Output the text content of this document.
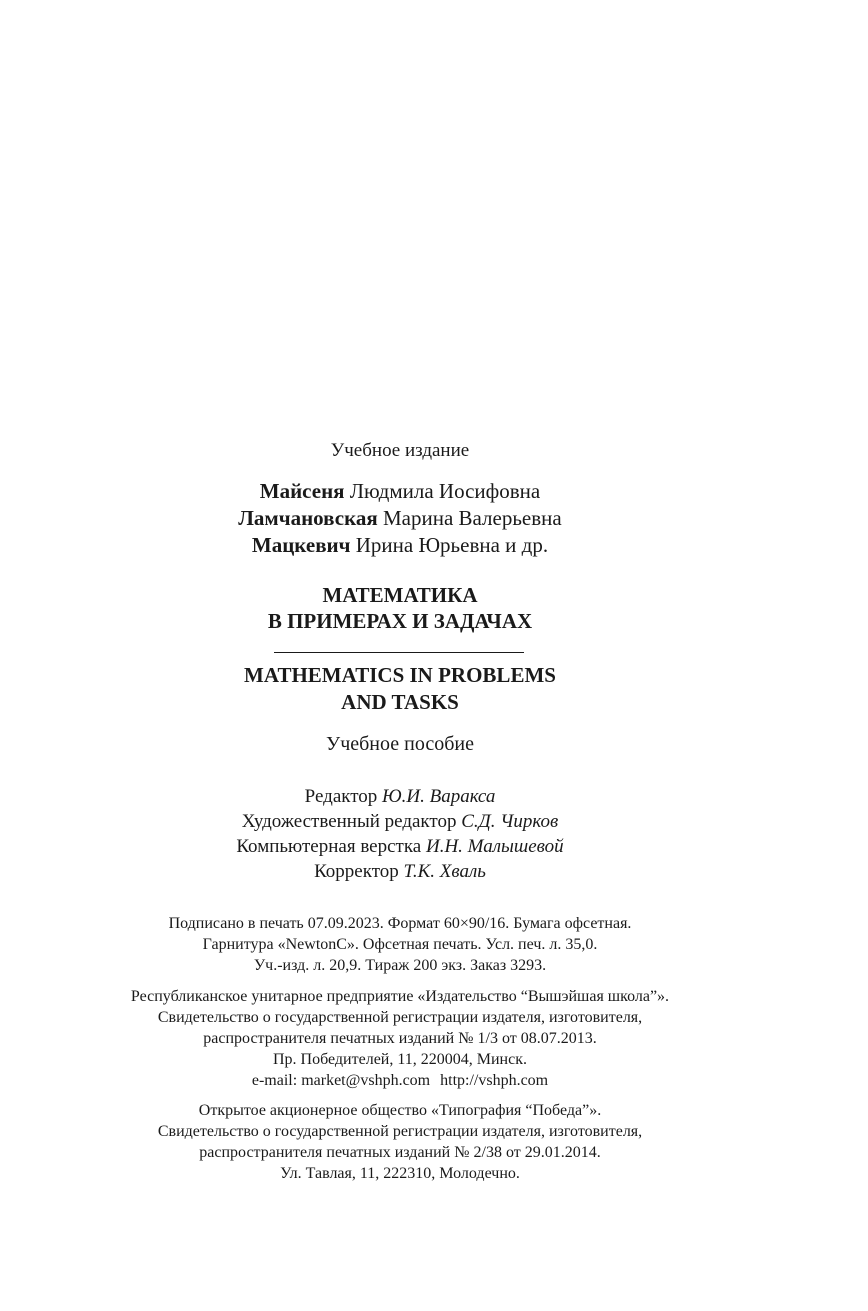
Учебное издание
Майсеня Людмила Иосифовна
Ламчановская Марина Валерьевна
Мацкевич Ирина Юрьевна и др.
МАТЕМАТИКА
В ПРИМЕРАХ И ЗАДАЧАХ
MATHEMATICS IN PROBLEMS
AND TASKS
Учебное пособие
Редактор Ю.И. Варакса
Художественный редактор С.Д. Чирков
Компьютерная верстка И.Н. Малышевой
Корректор Т.К. Хваль
Подписано в печать 07.09.2023. Формат 60×90/16. Бумага офсетная.
Гарнитура «NewtonC». Офсетная печать. Усл. печ. л. 35,0.
Уч.-изд. л. 20,9. Тираж 200 экз. Заказ 3293.
Республиканское унитарное предприятие «Издательство “Вышэйшая школа”».
Свидетельство о государственной регистрации издателя, изготовителя,
распространителя печатных изданий № 1/3 от 08.07.2013.
Пр. Победителей, 11, 220004, Минск.
e-mail: market@vshph.com http://vshph.com
Открытое акционерное общество «Типография “Победа”».
Свидетельство о государственной регистрации издателя, изготовителя,
распространителя печатных изданий № 2/38 от 29.01.2014.
Ул. Тавлая, 11, 222310, Молодечно.
